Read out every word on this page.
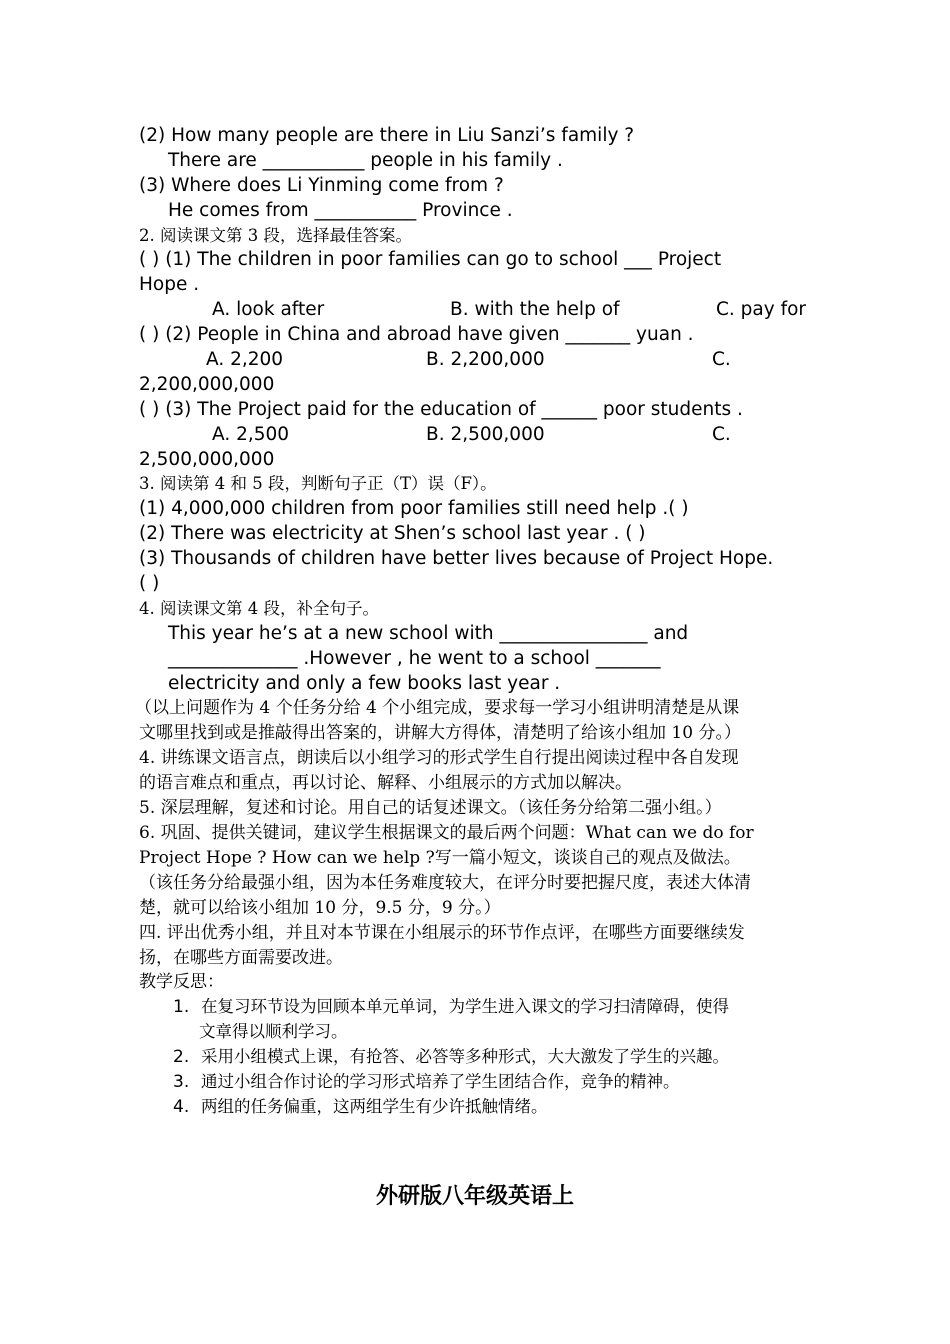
(2) How many people are there in Liu Sanzi’s family ?
There are ___________ people in his family .
(3) Where does Li Yinming come from ?
He comes from ___________ Province .
2. 阅读课文第 3 段，选择最佳答案。
( ) (1) The children in poor families can go to school ___ Project
Hope .
A. look after	B. with the help of	C. pay for
( ) (2) People in China and abroad have given _______ yuan .
A. 2,200	B. 2,200,000	C.
2,200,000,000
( ) (3) The Project paid for the education of ______ poor students .
A. 2,500	B. 2,500,000	C.
2,500,000,000
3. 阅读第 4 和 5 段，判断句子正（T）误（F）。
(1) 4,000,000 children from poor families still need help .( )
(2) There was electricity at Shen’s school last year . ( )
(3) Thousands of children have better lives because of Project Hope.
( )
4. 阅读课文第 4 段，补全句子。
This year he’s at a new school with ________________ and
______________ .However , he went to a school _______
electricity and only a few books last year .
（以上问题作为 4 个任务分给 4 个小组完成，要求每一学习小组讲明清楚是从课
文哪里找到或是推敲得出答案的，讲解大方得体，清楚明了给该小组加 10 分。）
4. 讲练课文语言点，朗读后以小组学习的形式学生自行提出阅读过程中各自发现
的语言难点和重点，再以讨论、解释、小组展示的方式加以解决。
5. 深层理解，复述和讨论。用自己的话复述课文。（该任务分给第二强小组。）
6. 巩固、提供关键词，建议学生根据课文的最后两个问题：What can we do for
Project Hope ? How can we help ?写一篇小短文，谈谈自己的观点及做法。
（该任务分给最强小组，因为本任务难度较大，在评分时要把握尺度，表述大体清
楚，就可以给该小组加 10 分，9.5 分，9 分。）
四. 评出优秀小组，并且对本节课在小组展示的环节作点评，在哪些方面要继续发
扬，在哪些方面需要改进。
教学反思：
1. 在复习环节设为回顾本单元单词，为学生进入课文的学习扫清障碍，使得
文章得以顺利学习。
2. 采用小组模式上课，有抢答、必答等多种形式，大大激发了学生的兴趣。
3. 通过小组合作讨论的学习形式培养了学生团结合作，竞争的精神。
4. 两组的任务偏重，这两组学生有少许抵触情绪。
外研版八年级英语上
